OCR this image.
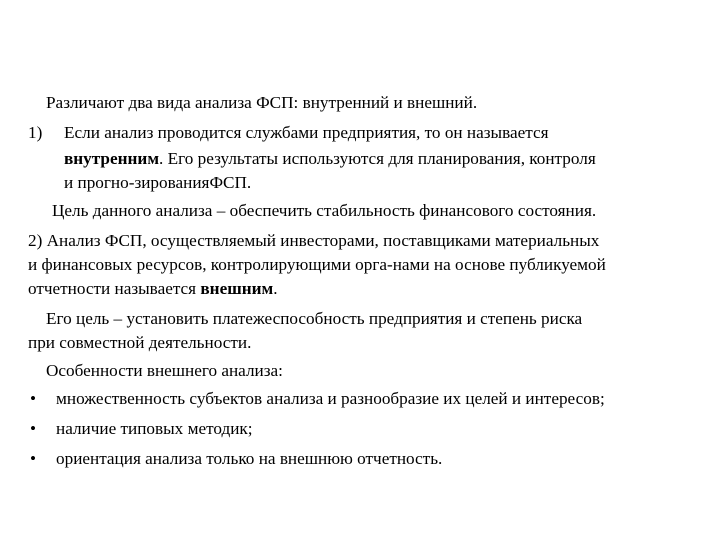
Различают два вида анализа ФСП: внутренний и внешний.
1) Если анализ проводится службами предприятия, то он называется
внутренним. Его результаты используются для планирования, контроля
и прогно-зированияФСП.
Цель данного анализа – обеспечить стабильность финансового состояния.
2) Анализ ФСП, осуществляемый инвесторами, поставщиками материальных
и финансовых ресурсов, контролирующими орга-нами на основе публикуемой
отчетности называется внешним.
Его цель – установить платежеспособность предприятия и степень риска
при совместной деятельности.
Особенности внешнего анализа:
• множественность субъектов анализа и разнообразие их целей и интересов;
• наличие типовых методик;
• ориентация анализа только на внешнюю отчетность.
